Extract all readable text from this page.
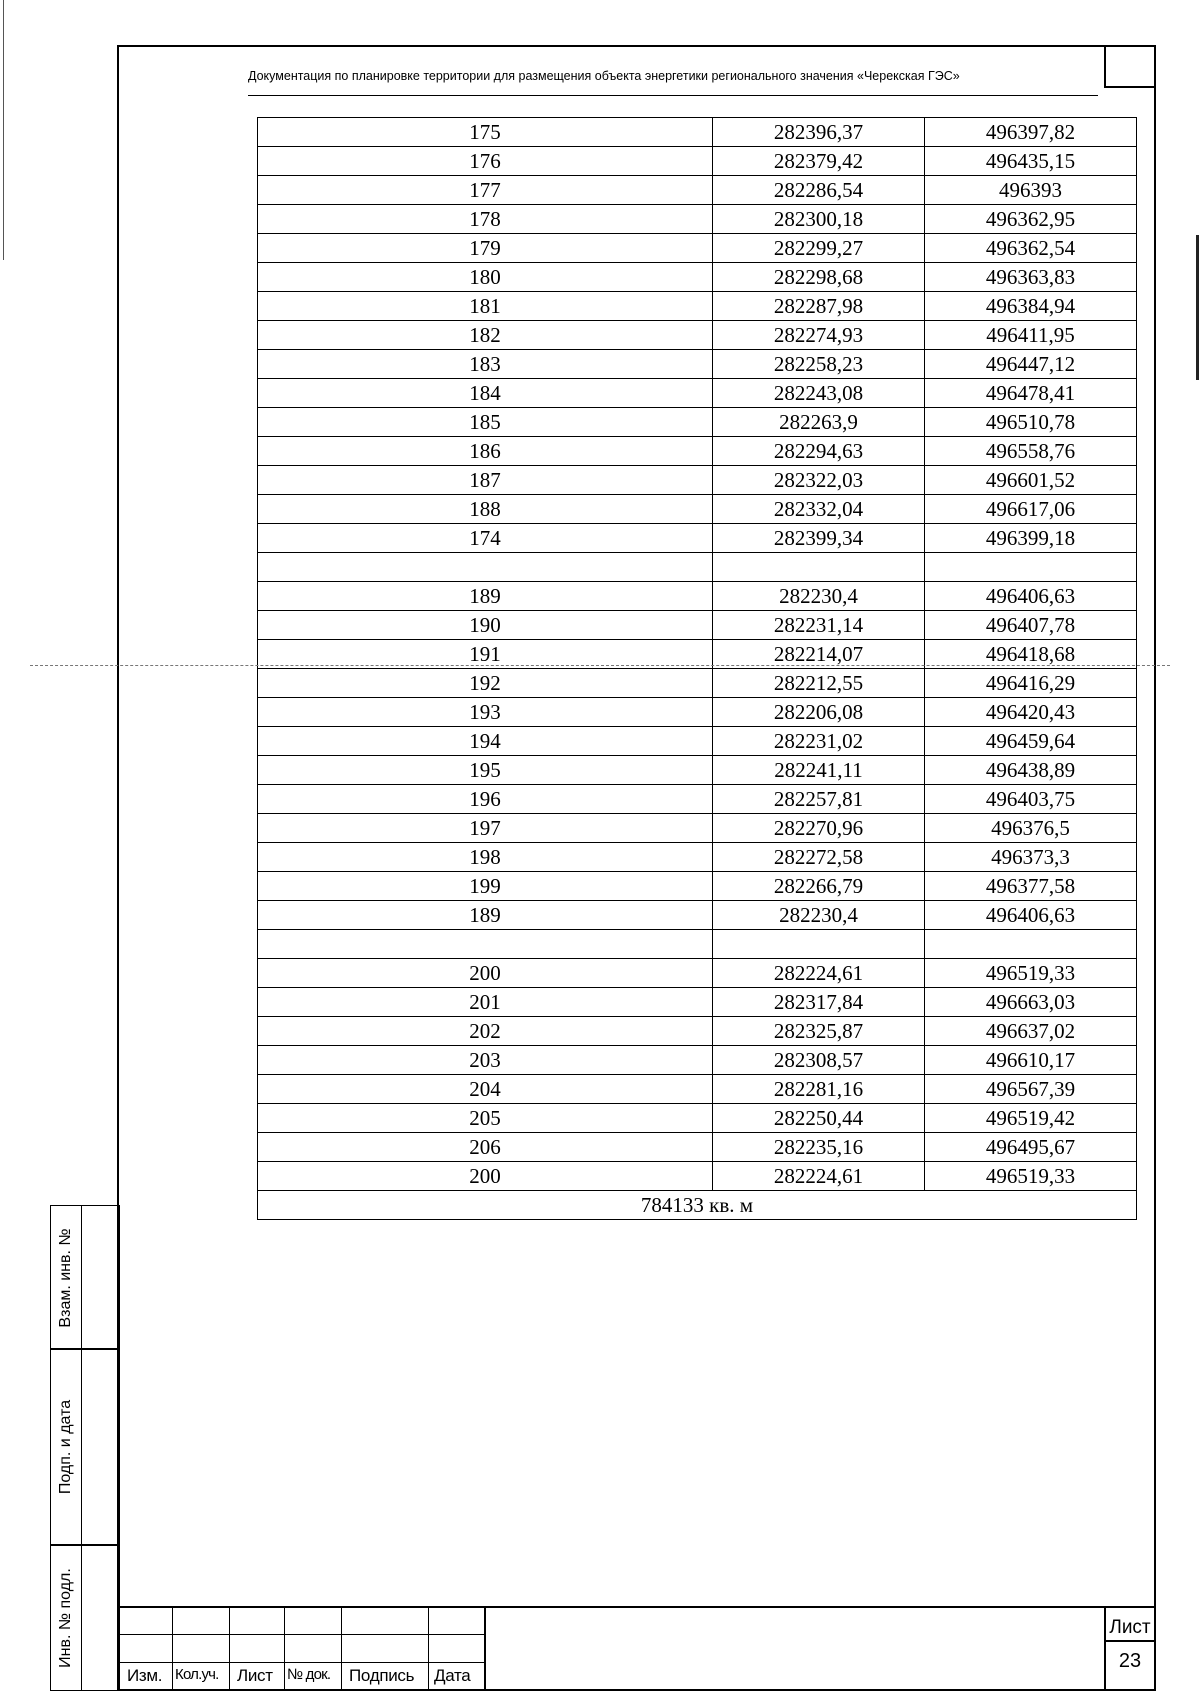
Документация по планировке территории для размещения объекта энергетики регионального значения «Черекская ГЭС»
175	282396,37	496397,82
176	282379,42	496435,15
177	282286,54	496393
178	282300,18	496362,95
179	282299,27	496362,54
180	282298,68	496363,83
181	282287,98	496384,94
182	282274,93	496411,95
183	282258,23	496447,12
184	282243,08	496478,41
185	282263,9	496510,78
186	282294,63	496558,76
187	282322,03	496601,52
188	282332,04	496617,06
174	282399,34	496399,18

189	282230,4	496406,63
190	282231,14	496407,78
191	282214,07	496418,68
192	282212,55	496416,29
193	282206,08	496420,43
194	282231,02	496459,64
195	282241,11	496438,89
196	282257,81	496403,75
197	282270,96	496376,5
198	282272,58	496373,3
199	282266,79	496377,58
189	282230,4	496406,63

200	282224,61	496519,33
201	282317,84	496663,03
202	282325,87	496637,02
203	282308,57	496610,17
204	282281,16	496567,39
205	282250,44	496519,42
206	282235,16	496495,67
200	282224,61	496519,33
784133 кв. м		
Взам. инв. №
Подп. и дата
Инв. № подл.
Изм. Кол.уч. Лист № док. Подпись Дата
Лист
23
